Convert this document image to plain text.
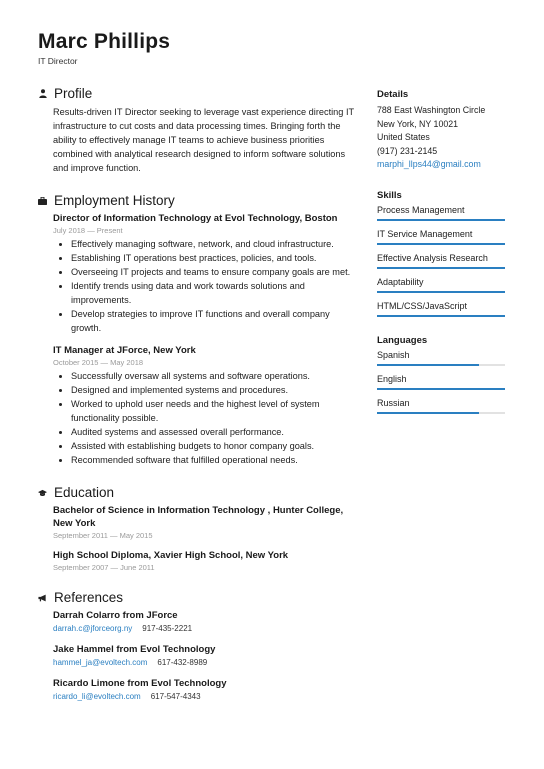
Marc Phillips
IT Director
Profile
Results-driven IT Director seeking to leverage vast experience directing IT infrastructure to cut costs and data processing times. Bringing forth the ability to effectively manage IT teams to achieve business priorities combined with analytical research designed to inform software solutions and improve function.
Employment History
Director of Information Technology at Evol Technology, Boston
July 2018 — Present
• Effectively managing software, network, and cloud infrastructure.
• Establishing IT operations best practices, policies, and tools.
• Overseeing IT projects and teams to ensure company goals are met.
• Identify trends using data and work towards solutions and improvements.
• Develop strategies to improve IT functions and overall company growth.
IT Manager at JForce, New York
October 2015 — May 2018
• Successfully oversaw all systems and software operations.
• Designed and implemented systems and procedures.
• Worked to uphold user needs and the highest level of system functionality possible.
• Audited systems and assessed overall performance.
• Assisted with establishing budgets to honor company goals.
• Recommended software that fulfilled operational needs.
Education
Bachelor of Science in Information Technology , Hunter College, New York
September 2011 — May 2015
High School Diploma, Xavier High School, New York
September 2007 — June 2011
References
Darrah Colarro from JForce
darrah.c@jforceorg.ny 917-435-2221
Jake Hammel from Evol Technology
hammel_ja@evoltech.com 617-432-8989
Ricardo Limone from Evol Technology
ricardo_li@evoltech.com 617-547-4343
Details
788 East Washington Circle
New York, NY 10021
United States
(917) 231-2145
marphi_llps44@gmail.com
Skills
Process Management
IT Service Management
Effective Analysis Research
Adaptability
HTML/CSS/JavaScript
Languages
Spanish
English
Russian
